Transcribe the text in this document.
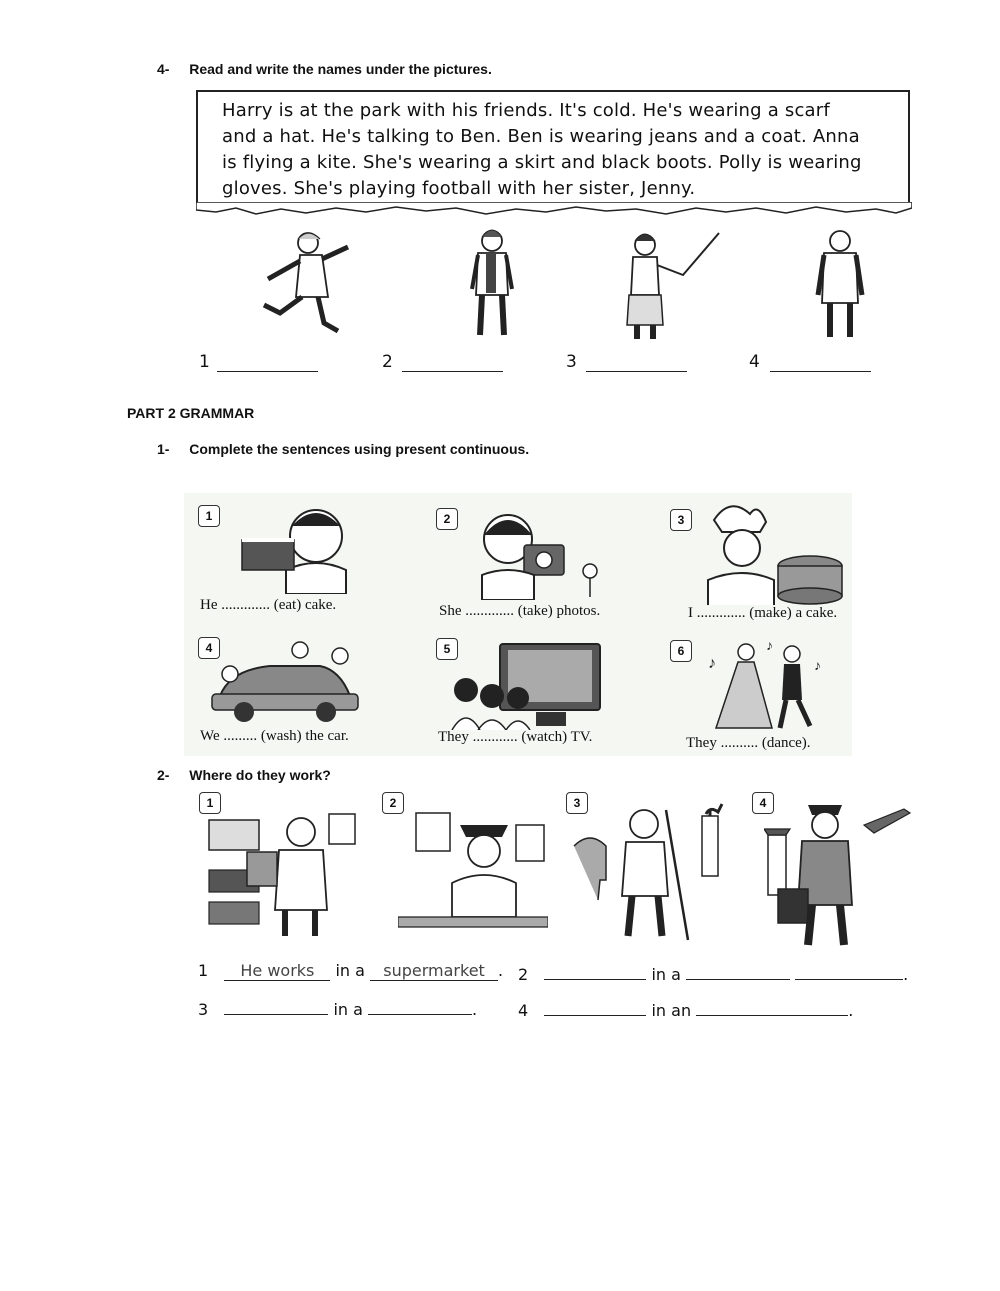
4- Read and write the names under the pictures.
Harry is at the park with his friends. It's cold. He's wearing a scarf
and a hat. He's talking to Ben. Ben is wearing jeans and a coat. Anna
is flying a kite. She's wearing a skirt and black boots. Polly is wearing
gloves. She's playing football with her sister, Jenny.
1	2	3	4
PART 2 GRAMMAR
1- Complete the sentences using present continuous.
1
He ............. (eat) cake.
2
She ............. (take) photos.
3
I ............. (make) a cake.
4
We ......... (wash) the car.
5
They ............ (watch) TV.
6
♪
♪
♪
They .......... (dance).
2- Where do they work?
1	2	3	4
1 He works in a supermarket . 2	in a	.
3	in a	.	4	in an	.
